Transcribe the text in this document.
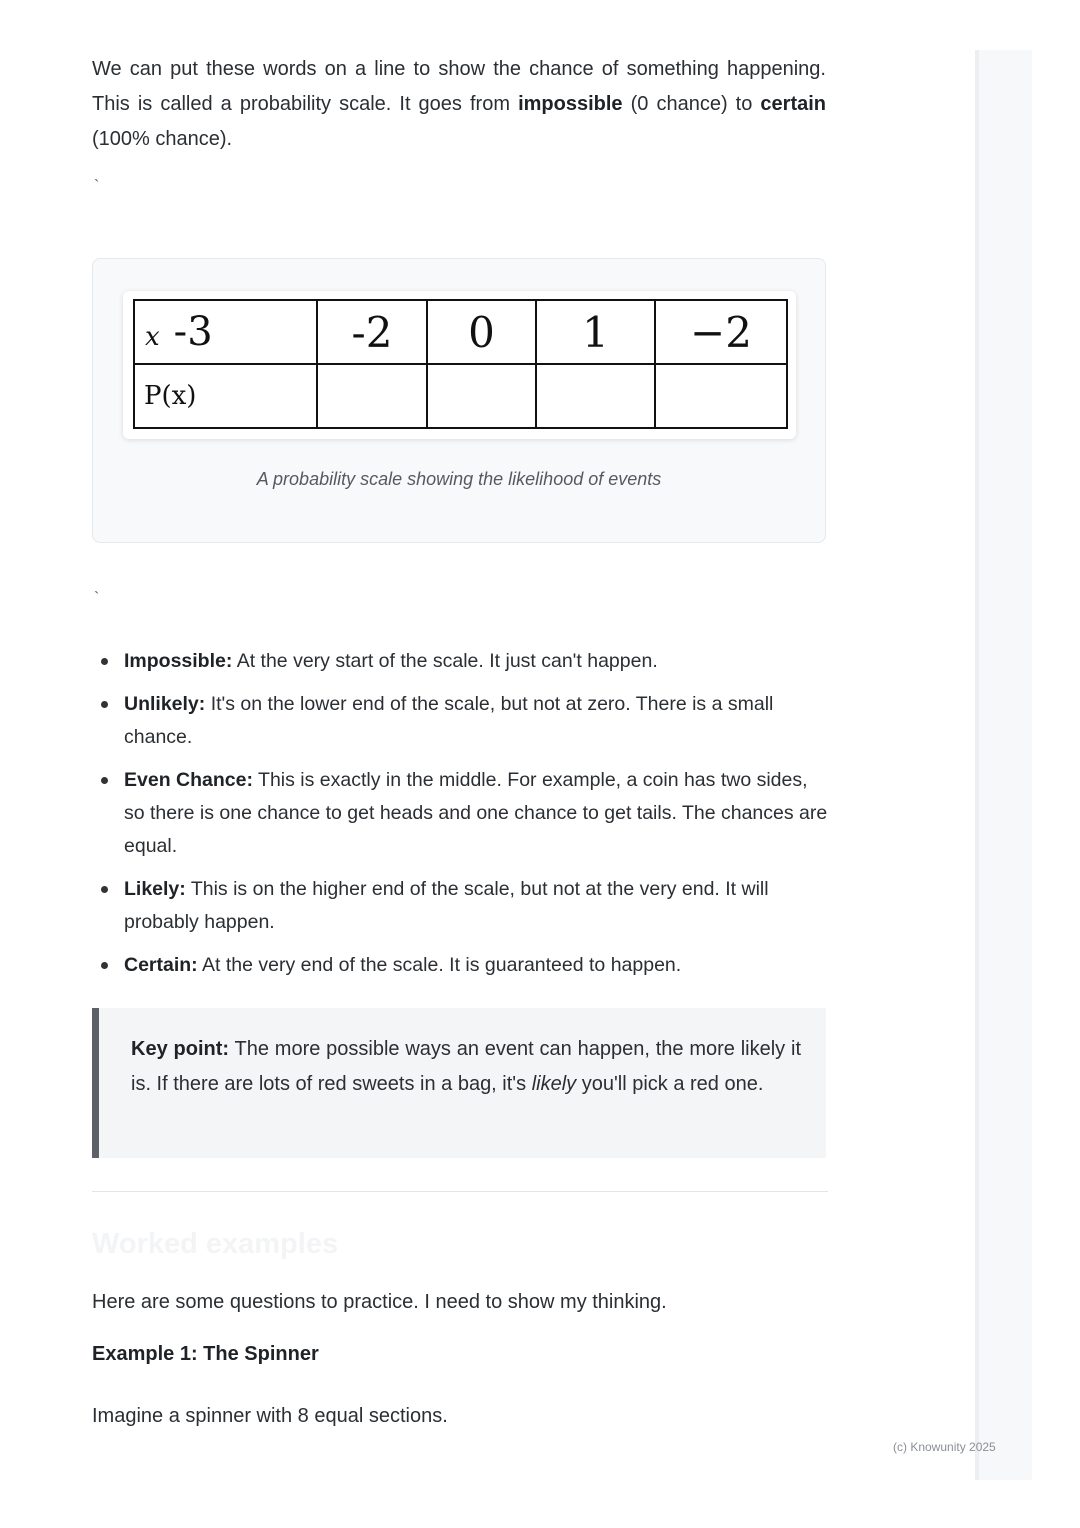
We can put these words on a line to show the chance of something happening. This is called a probability scale. It goes from impossible (0 chance) to certain (100% chance).

`
x -3	-2	0	1	−2
P(x)				
A probability scale showing the likelihood of events
`
Impossible: At the very start of the scale. It just can't happen.
Unlikely: It's on the lower end of the scale, but not at zero. There is a small chance.
Even Chance: This is exactly in the middle. For example, a coin has two sides, so there is one chance to get heads and one chance to get tails. The chances are equal.
Likely: This is on the higher end of the scale, but not at the very end. It will probably happen.
Certain: At the very end of the scale. It is guaranteed to happen.

Key point: The more possible ways an event can happen, the more likely it is. If there are lots of red sweets in a bag, it's likely you'll pick a red one.

Worked examples

Here are some questions to practice. I need to show my thinking.

Example 1: The Spinner

Imagine a spinner with 8 equal sections.

(c) Knowunity 2025
